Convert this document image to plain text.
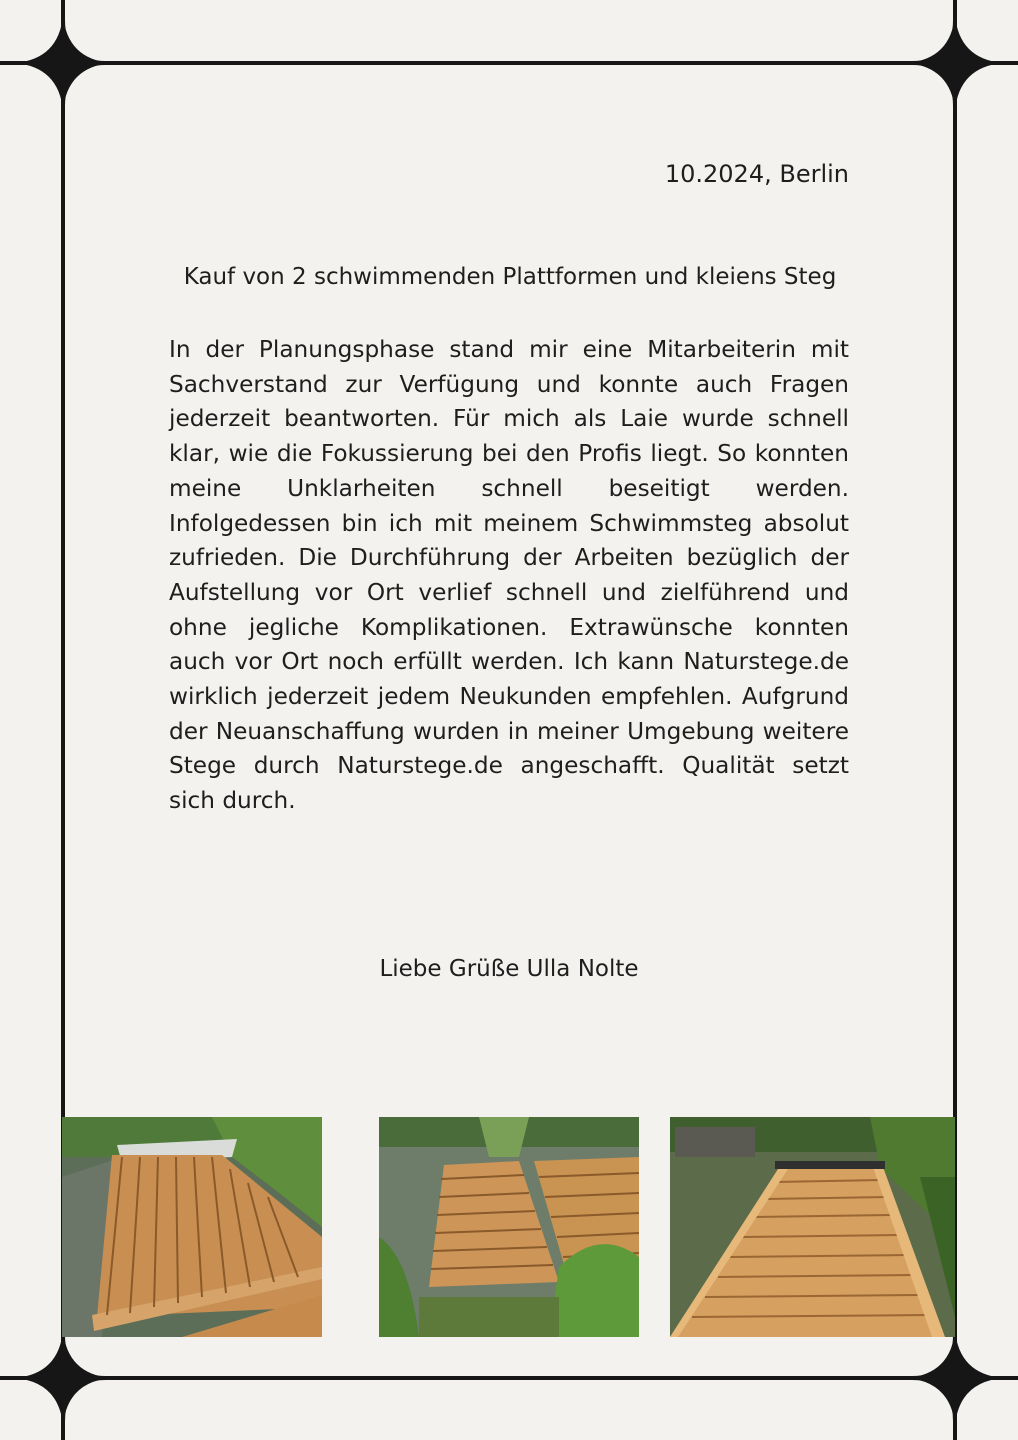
10.2024, Berlin
Kauf von 2 schwimmenden Plattformen und kleiens Steg
In der Planungsphase stand mir eine Mitarbeiterin mit Sachverstand zur Verfügung und konnte auch Fragen jederzeit beantworten. Für mich als Laie wurde schnell klar, wie die Fokussierung bei den Profis liegt. So konnten meine Unklarheiten schnell beseitigt werden. Infolgedessen bin ich mit meinem Schwimmsteg absolut zufrieden. Die Durchführung der Arbeiten bezüglich der Aufstellung vor Ort verlief schnell und zielführend und ohne jegliche Komplikationen. Extrawünsche konnten auch vor Ort noch erfüllt werden. Ich kann Naturstege.de wirklich jederzeit jedem Neukunden empfehlen. Aufgrund der Neuanschaffung wurden in meiner Umgebung weitere Stege durch Naturstege.de angeschafft. Qualität setzt sich durch.
Liebe Grüße Ulla Nolte
